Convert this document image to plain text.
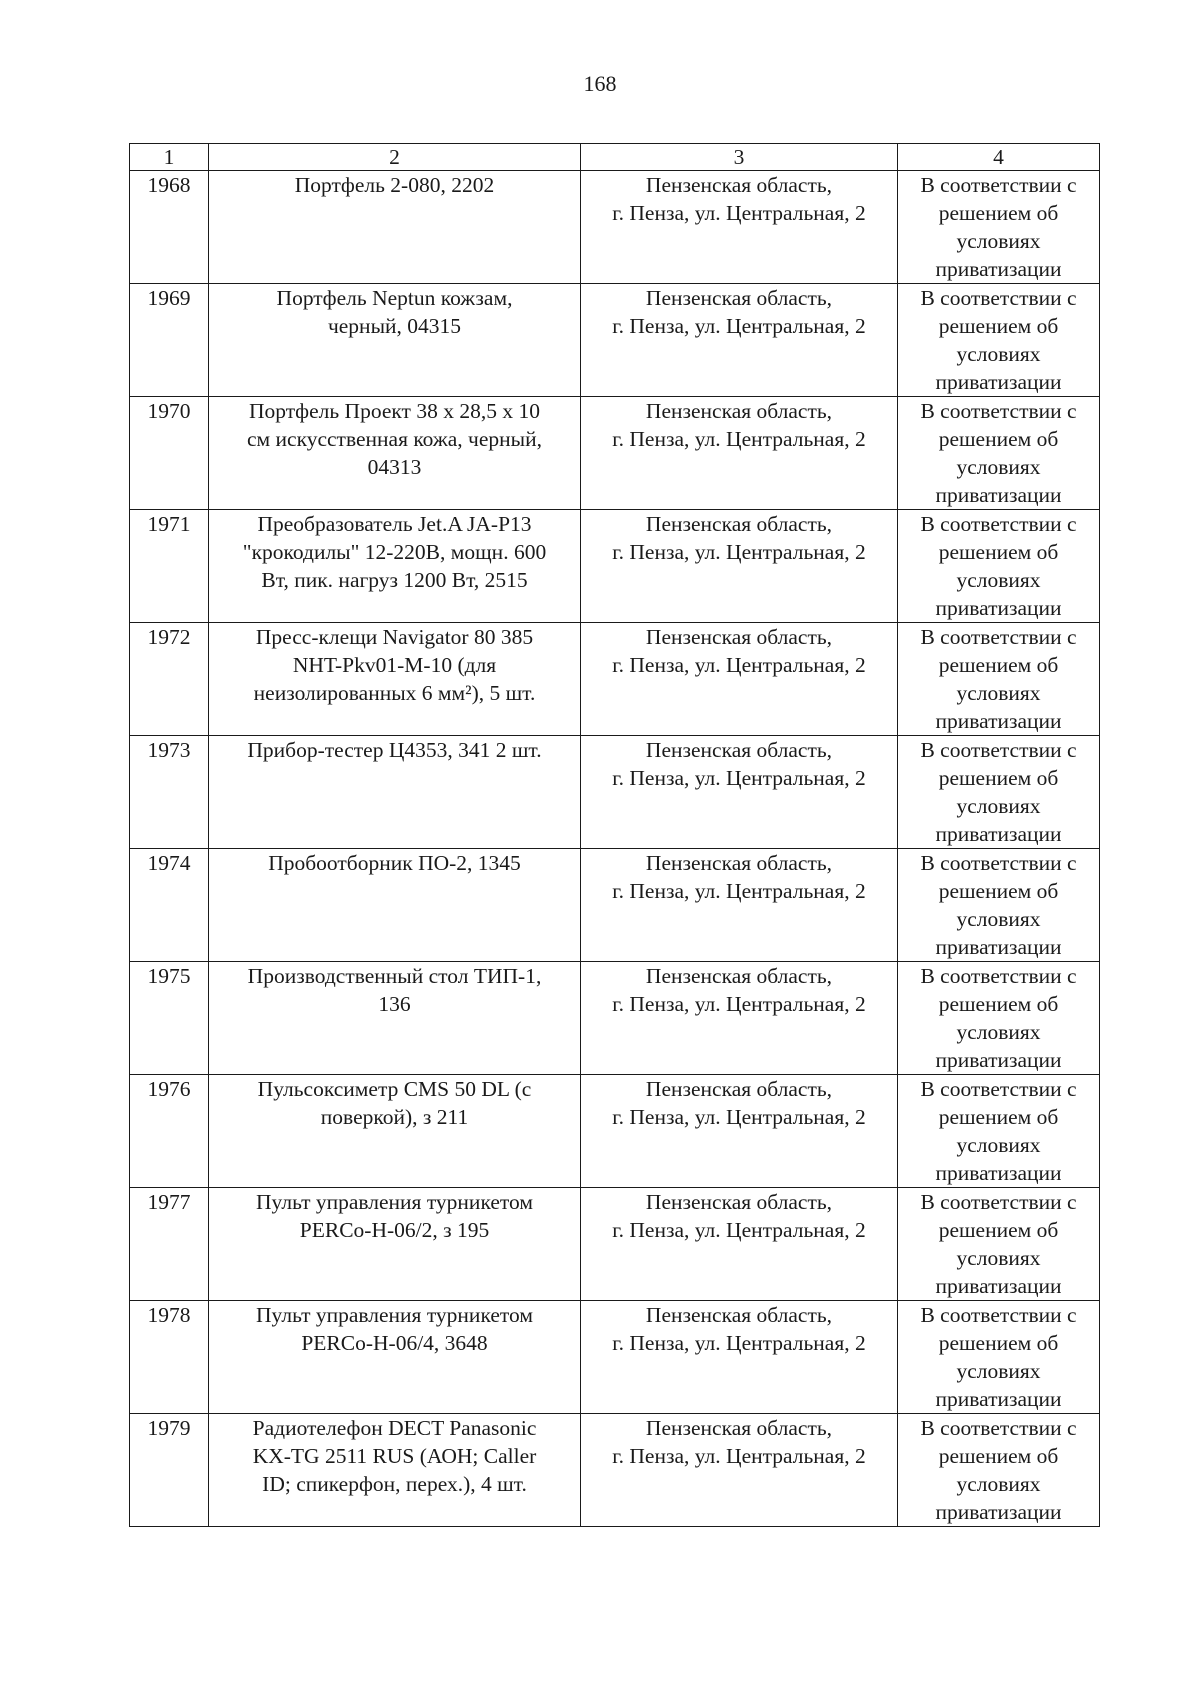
168
1	2	3	4

1968	Портфель 2-080, 2202	Пензенская область,
г. Пенза, ул. Центральная, 2	В соответствии с
решением об
условиях
приватизации

1969	Портфель Neptun кожзам,
черный, 04315	Пензенская область,
г. Пенза, ул. Центральная, 2	В соответствии с
решением об
условиях
приватизации

1970	Портфель Проект 38 x 28,5 x 10
см искусственная кожа, черный,
04313	Пензенская область,
г. Пенза, ул. Центральная, 2	В соответствии с
решением об
условиях
приватизации

1971	Преобразователь Jet.A JA-P13
"крокодилы" 12-220В, мощн. 600
Вт, пик. нагруз 1200 Вт, 2515	Пензенская область,
г. Пенза, ул. Центральная, 2	В соответствии с
решением об
условиях
приватизации

1972	Пресс-клещи Navigator 80 385
NHT-Pkv01-M-10 (для
неизолированных 6 мм²), 5 шт.	Пензенская область,
г. Пенза, ул. Центральная, 2	В соответствии с
решением об
условиях
приватизации

1973	Прибор-тестер Ц4353, 341 2 шт.	Пензенская область,
г. Пенза, ул. Центральная, 2	В соответствии с
решением об
условиях
приватизации

1974	Пробоотборник ПО-2, 1345	Пензенская область,
г. Пенза, ул. Центральная, 2	В соответствии с
решением об
условиях
приватизации

1975	Производственный стол ТИП-1,
136	Пензенская область,
г. Пенза, ул. Центральная, 2	В соответствии с
решением об
условиях
приватизации

1976	Пульсоксиметр CMS 50 DL (с
поверкой), з 211	Пензенская область,
г. Пенза, ул. Центральная, 2	В соответствии с
решением об
условиях
приватизации

1977	Пульт управления турникетом
PERCo-H-06/2, з 195	Пензенская область,
г. Пенза, ул. Центральная, 2	В соответствии с
решением об
условиях
приватизации

1978	Пульт управления турникетом
PERCo-H-06/4, 3648	Пензенская область,
г. Пенза, ул. Центральная, 2	В соответствии с
решением об
условиях
приватизации

1979	Радиотелефон DECT Panasonic
KX-TG 2511 RUS (АОН; Caller
ID; спикерфон, перех.), 4 шт.	Пензенская область,
г. Пенза, ул. Центральная, 2	В соответствии с
решением об
условиях
приватизации
